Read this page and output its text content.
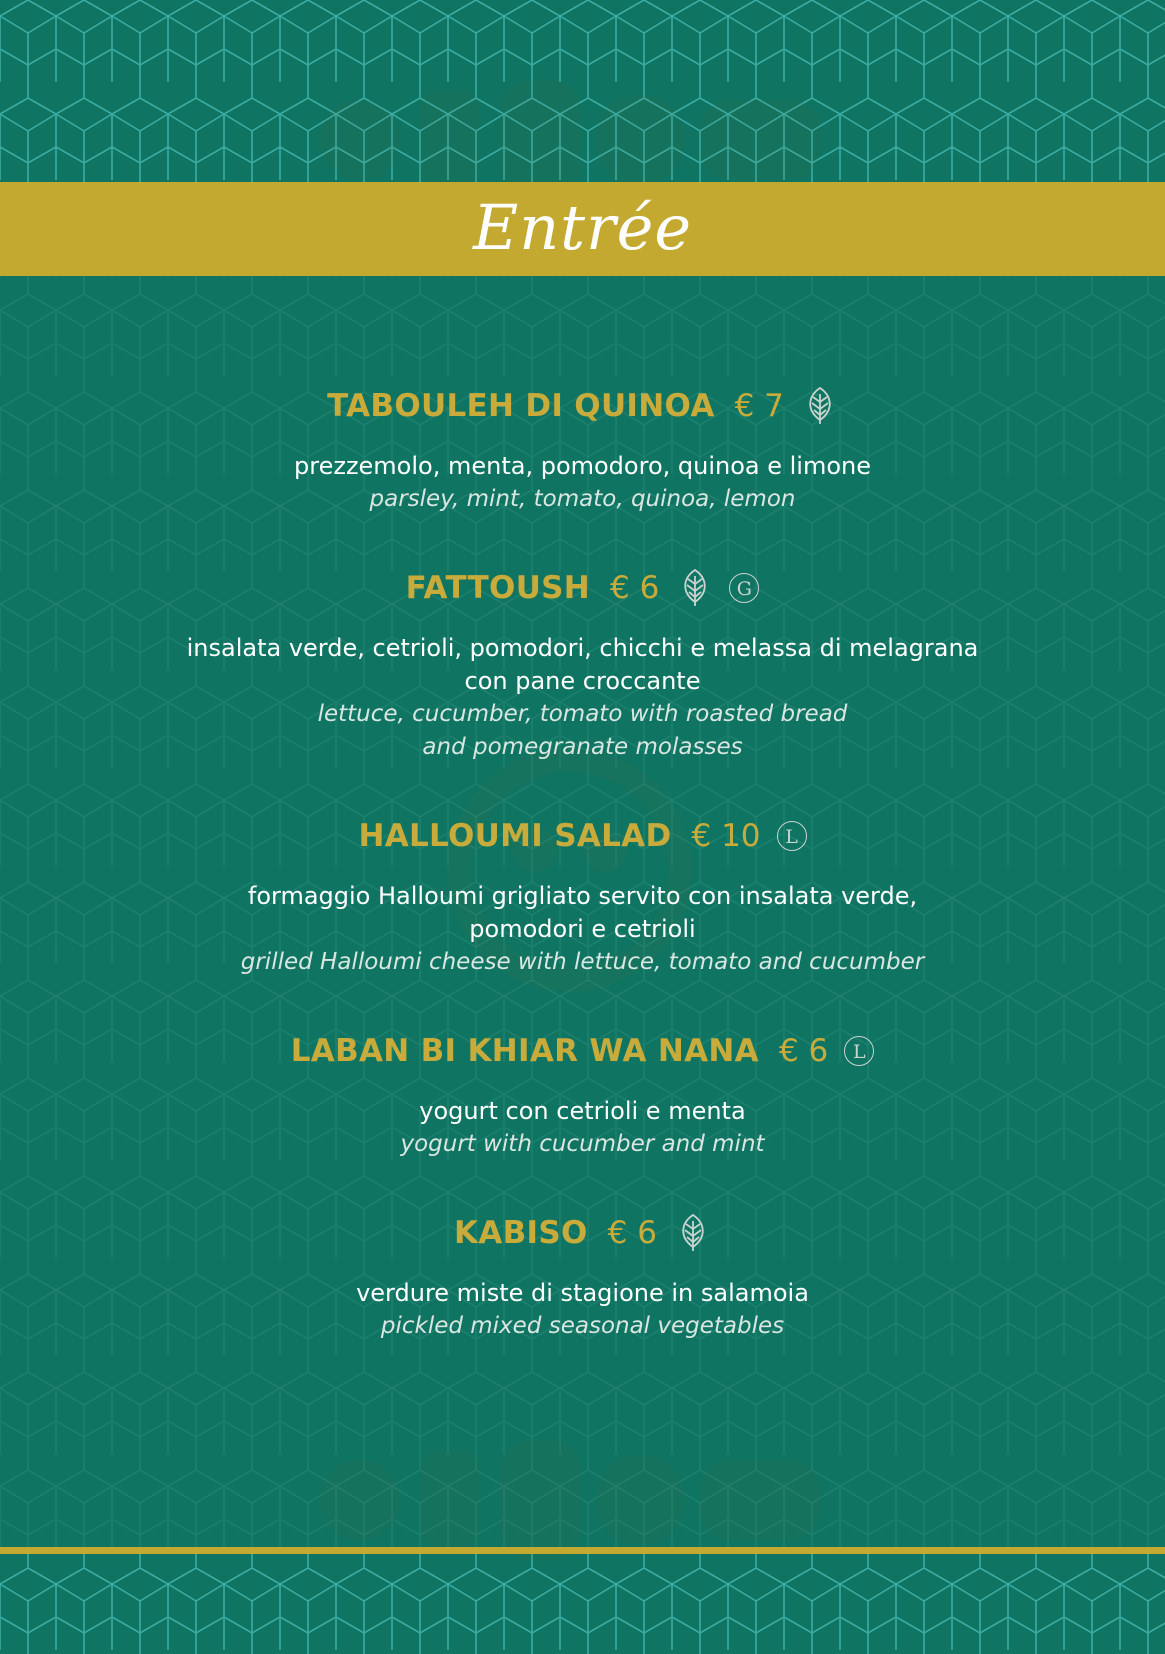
Entrée
TABOULEH DI QUINOA € 7
prezzemolo, menta, pomodoro, quinoa e limone
parsley, mint, tomato, quinoa, lemon
FATTOUSH € 6	G
insalata verde, cetrioli, pomodori, chicchi e melassa di melagrana
con pane croccante
lettuce, cucumber, tomato with roasted bread
and pomegranate molasses
HALLOUMI SALAD € 10	L
formaggio Halloumi grigliato servito con insalata verde,
pomodori e cetrioli
grilled Halloumi cheese with lettuce, tomato and cucumber
LABAN BI KHIAR WA NANA € 6	L
yogurt con cetrioli e menta
yogurt with cucumber and mint
KABISO € 6
verdure miste di stagione in salamoia
pickled mixed seasonal vegetables
